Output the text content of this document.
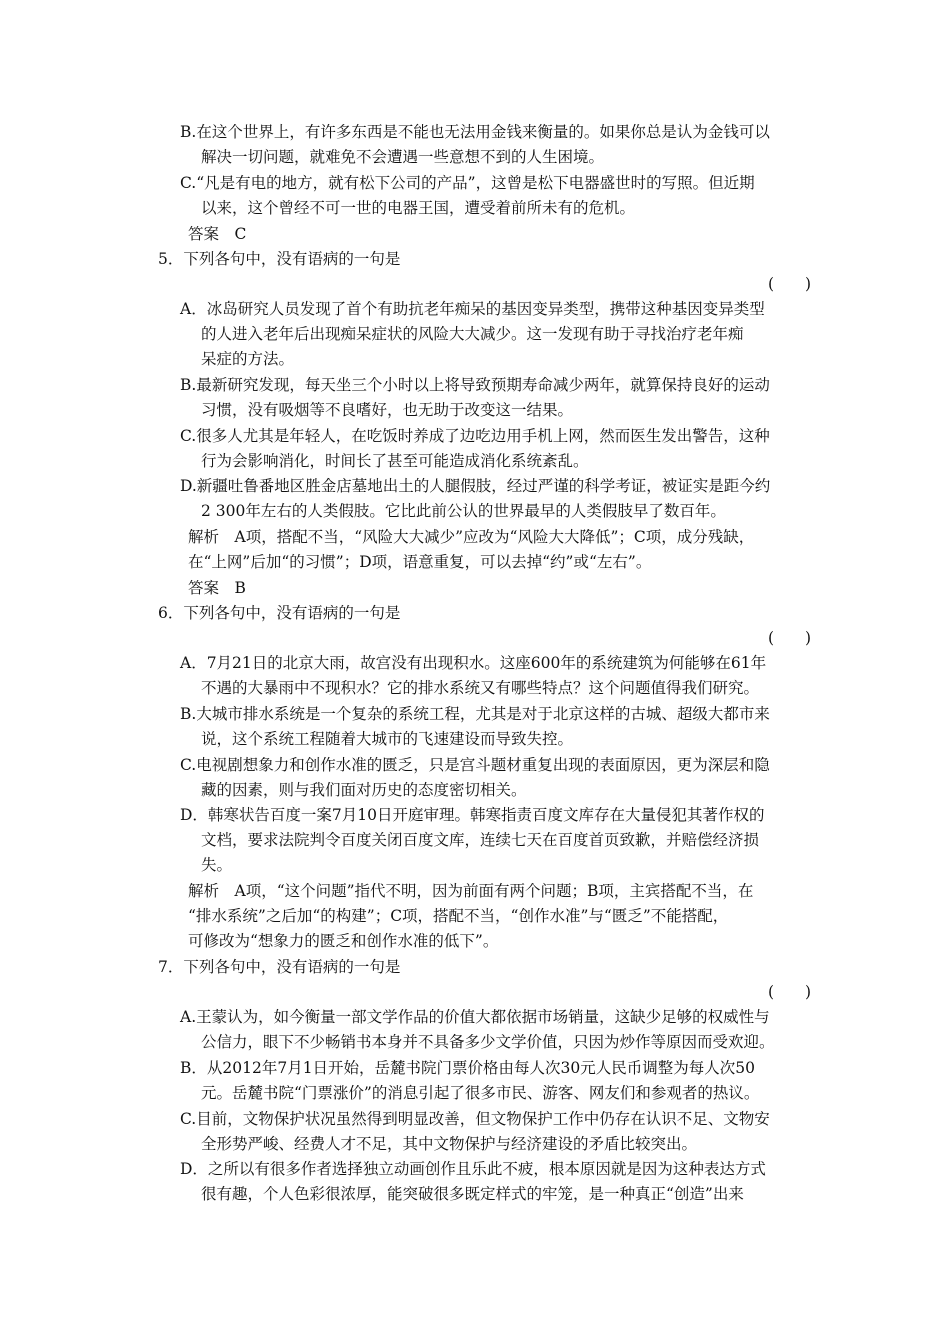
B.在这个世界上，有许多东西是不能也无法用金钱来衡量的。如果你总是认为金钱可以
解决一切问题，就难免不会遭遇一些意想不到的人生困境。
C.“凡是有电的地方，就有松下公司的产品”，这曾是松下电器盛世时的写照。但近期
以来，这个曾经不可一世的电器王国，遭受着前所未有的危机。
答案　C
5．下列各句中，没有语病的一句是
(　　)
A．冰岛研究人员发现了首个有助抗老年痴呆的基因变异类型，携带这种基因变异类型
的人进入老年后出现痴呆症状的风险大大减少。这一发现有助于寻找治疗老年痴
呆症的方法。
B.最新研究发现，每天坐三个小时以上将导致预期寿命减少两年，就算保持良好的运动
习惯，没有吸烟等不良嗜好，也无助于改变这一结果。
C.很多人尤其是年轻人，在吃饭时养成了边吃边用手机上网，然而医生发出警告，这种
行为会影响消化，时间长了甚至可能造成消化系统紊乱。
D.新疆吐鲁番地区胜金店墓地出土的人腿假肢，经过严谨的科学考证，被证实是距今约
2 300年左右的人类假肢。它比此前公认的世界最早的人类假肢早了数百年。
解析　A项，搭配不当，“风险大大减少”应改为“风险大大降低”；C项，成分残缺，
在“上网”后加“的习惯”；D项，语意重复，可以去掉“约”或“左右”。
答案　B
6．下列各句中，没有语病的一句是
(　　)
A．7月21日的北京大雨，故宫没有出现积水。这座600年的系统建筑为何能够在61年
不遇的大暴雨中不现积水？它的排水系统又有哪些特点？这个问题值得我们研究。
B.大城市排水系统是一个复杂的系统工程，尤其是对于北京这样的古城、超级大都市来
说，这个系统工程随着大城市的飞速建设而导致失控。
C.电视剧想象力和创作水准的匮乏，只是宫斗题材重复出现的表面原因，更为深层和隐
藏的因素，则与我们面对历史的态度密切相关。
D．韩寒状告百度一案7月10日开庭审理。韩寒指责百度文库存在大量侵犯其著作权的
文档，要求法院判令百度关闭百度文库，连续七天在百度首页致歉，并赔偿经济损
失。
解析　A项，“这个问题”指代不明，因为前面有两个问题；B项，主宾搭配不当，在
“排水系统”之后加“的构建”；C项，搭配不当，“创作水准”与“匮乏”不能搭配，
可修改为“想象力的匮乏和创作水准的低下”。
7．下列各句中，没有语病的一句是
(　　)
A.王蒙认为，如今衡量一部文学作品的价值大都依据市场销量，这缺少足够的权威性与
公信力，眼下不少畅销书本身并不具备多少文学价值，只因为炒作等原因而受欢迎。
B．从2012年7月1日开始，岳麓书院门票价格由每人次30元人民币调整为每人次50
元。岳麓书院“门票涨价”的消息引起了很多市民、游客、网友们和参观者的热议。
C.目前，文物保护状况虽然得到明显改善，但文物保护工作中仍存在认识不足、文物安
全形势严峻、经费人才不足，其中文物保护与经济建设的矛盾比较突出。
D．之所以有很多作者选择独立动画创作且乐此不疲，根本原因就是因为这种表达方式
很有趣，个人色彩很浓厚，能突破很多既定样式的牢笼，是一种真正“创造”出来
